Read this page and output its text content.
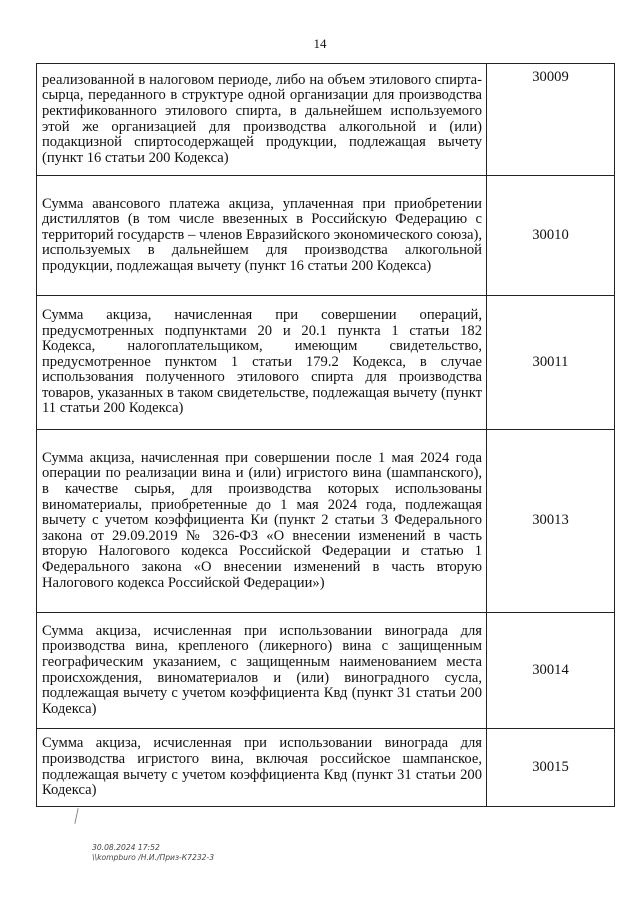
14
реализованной в налоговом периоде, либо на объем этилового спирта-сырца, переданного в структуре одной организации для производства ректификованного этилового спирта, в дальнейшем используемого этой же организацией для производства алкогольной и (или) подакцизной спиртосодержащей продукции, подлежащая вычету (пункт 16 статьи 200 Кодекса)	30009
Сумма авансового платежа акциза, уплаченная при приобретении дистиллятов (в том числе ввезенных в Российскую Федерацию с территорий государств – членов Евразийского экономического союза), используемых в дальнейшем для производства алкогольной продукции, подлежащая вычету (пункт 16 статьи 200 Кодекса)	30010
Сумма акциза, начисленная при совершении операций, предусмотренных подпунктами 20 и 20.1 пункта 1 статьи 182 Кодекса, налогоплательщиком, имеющим свидетельство, предусмотренное пунктом 1 статьи 179.2 Кодекса, в случае использования полученного этилового спирта для производства товаров, указанных в таком свидетельстве, подлежащая вычету (пункт 11 статьи 200 Кодекса)	30011
Сумма акциза, начисленная при совершении после 1 мая 2024 года операции по реализации вина и (или) игристого вина (шампанского), в качестве сырья, для производства которых использованы виноматериалы, приобретенные до 1 мая 2024 года, подлежащая вычету с учетом коэффициента Ки (пункт 2 статьи 3 Федерального закона от 29.09.2019 № 326-ФЗ «О внесении изменений в часть вторую Налогового кодекса Российской Федерации и статью 1 Федерального закона «О внесении изменений в часть вторую Налогового кодекса Российской Федерации»)	30013
Сумма акциза, исчисленная при использовании винограда для производства вина, крепленого (ликерного) вина с защищенным географическим указанием, с защищенным наименованием места происхождения, виноматериалов и (или) виноградного сусла, подлежащая вычету с учетом коэффициента Квд (пункт 31 статьи 200 Кодекса)	30014
Сумма акциза, исчисленная при использовании винограда для производства игристого вина, включая российское шампанское, подлежащая вычету с учетом коэффициента Квд (пункт 31 статьи 200 Кодекса)	30015
30.08.2024 17:52
\\kompburo /Н.И./Приз-К7232-3
